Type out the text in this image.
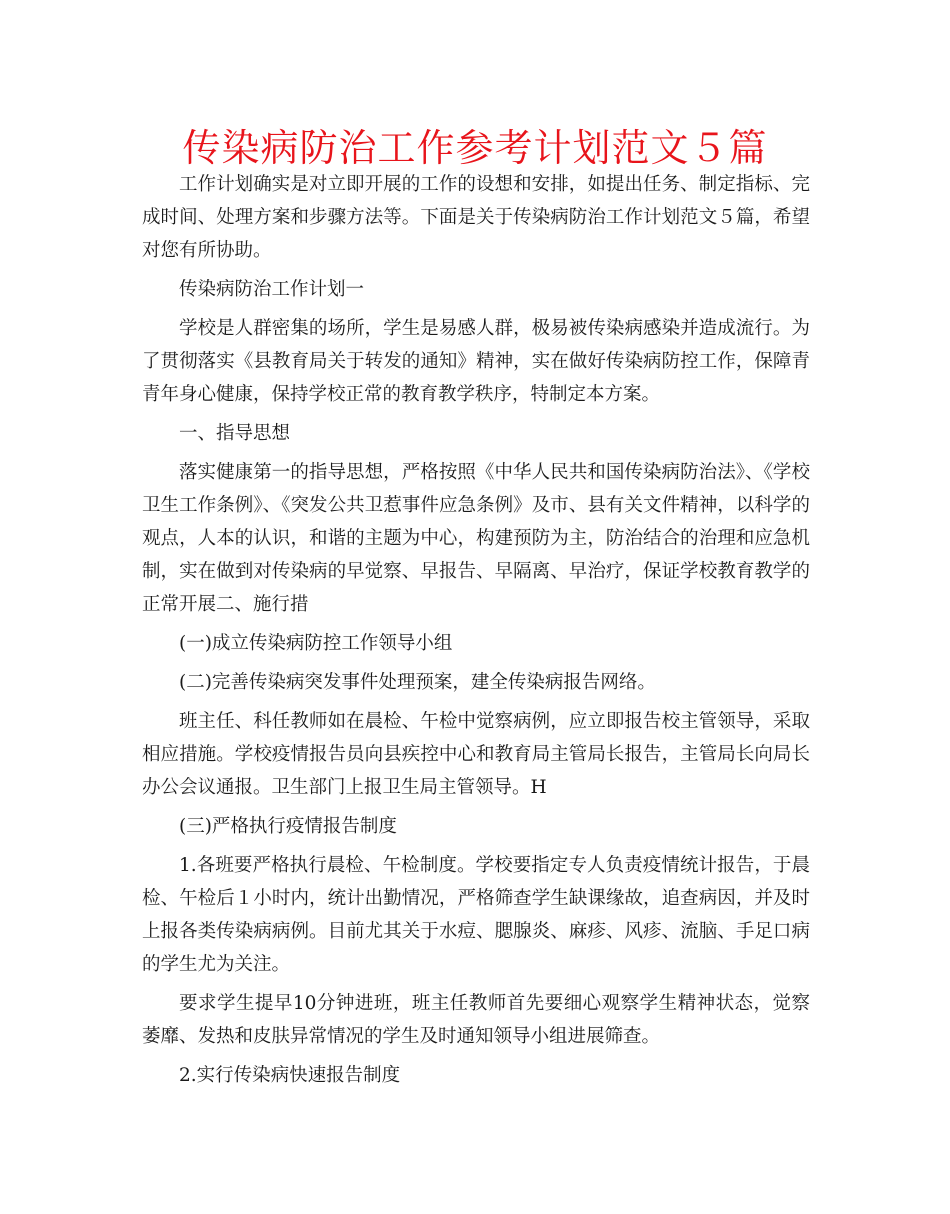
传染病防治工作参考计划范文５篇

工作计划确实是对立即开展的工作的设想和安排，如提出任务、制定指标、完成时间、处理方案和步骤方法等。下面是关于传染病防治工作计划范文５篇，希望对您有所协助。

传染病防治工作计划一

学校是人群密集的场所，学生是易感人群，极易被传染病感染并造成流行。为了贯彻落实《县教育局关于转发的通知》精神，实在做好传染病防控工作，保障青青年身心健康，保持学校正常的教育教学秩序，特制定本方案。

一、指导思想

落实健康第一的指导思想，严格按照《中华人民共和国传染病防治法》、《学校卫生工作条例》、《突发公共卫惹事件应急条例》及市、县有关文件精神，以科学的观点，人本的认识，和谐的主题为中心，构建预防为主，防治结合的治理和应急机制，实在做到对传染病的早觉察、早报告、早隔离、早治疗，保证学校教育教学的正常开展二、施行措

(一)成立传染病防控工作领导小组

(二)完善传染病突发事件处理预案，建全传染病报告网络。

班主任、科任教师如在晨检、午检中觉察病例，应立即报告校主管领导，采取相应措施。学校疫情报告员向县疾控中心和教育局主管局长报告，主管局长向局长办公会议通报。卫生部门上报卫生局主管领导。H

(三)严格执行疫情报告制度

1.各班要严格执行晨检、午检制度。学校要指定专人负责疫情统计报告，于晨检、午检后１小时内，统计出勤情况，严格筛查学生缺课缘故，追查病因，并及时上报各类传染病病例。目前尤其关于水痘、腮腺炎、麻疹、风疹、流脑、手足口病的学生尤为关注。

要求学生提早10分钟进班，班主任教师首先要细心观察学生精神状态，觉察萎靡、发热和皮肤异常情况的学生及时通知领导小组进展筛查。

2.实行传染病快速报告制度
